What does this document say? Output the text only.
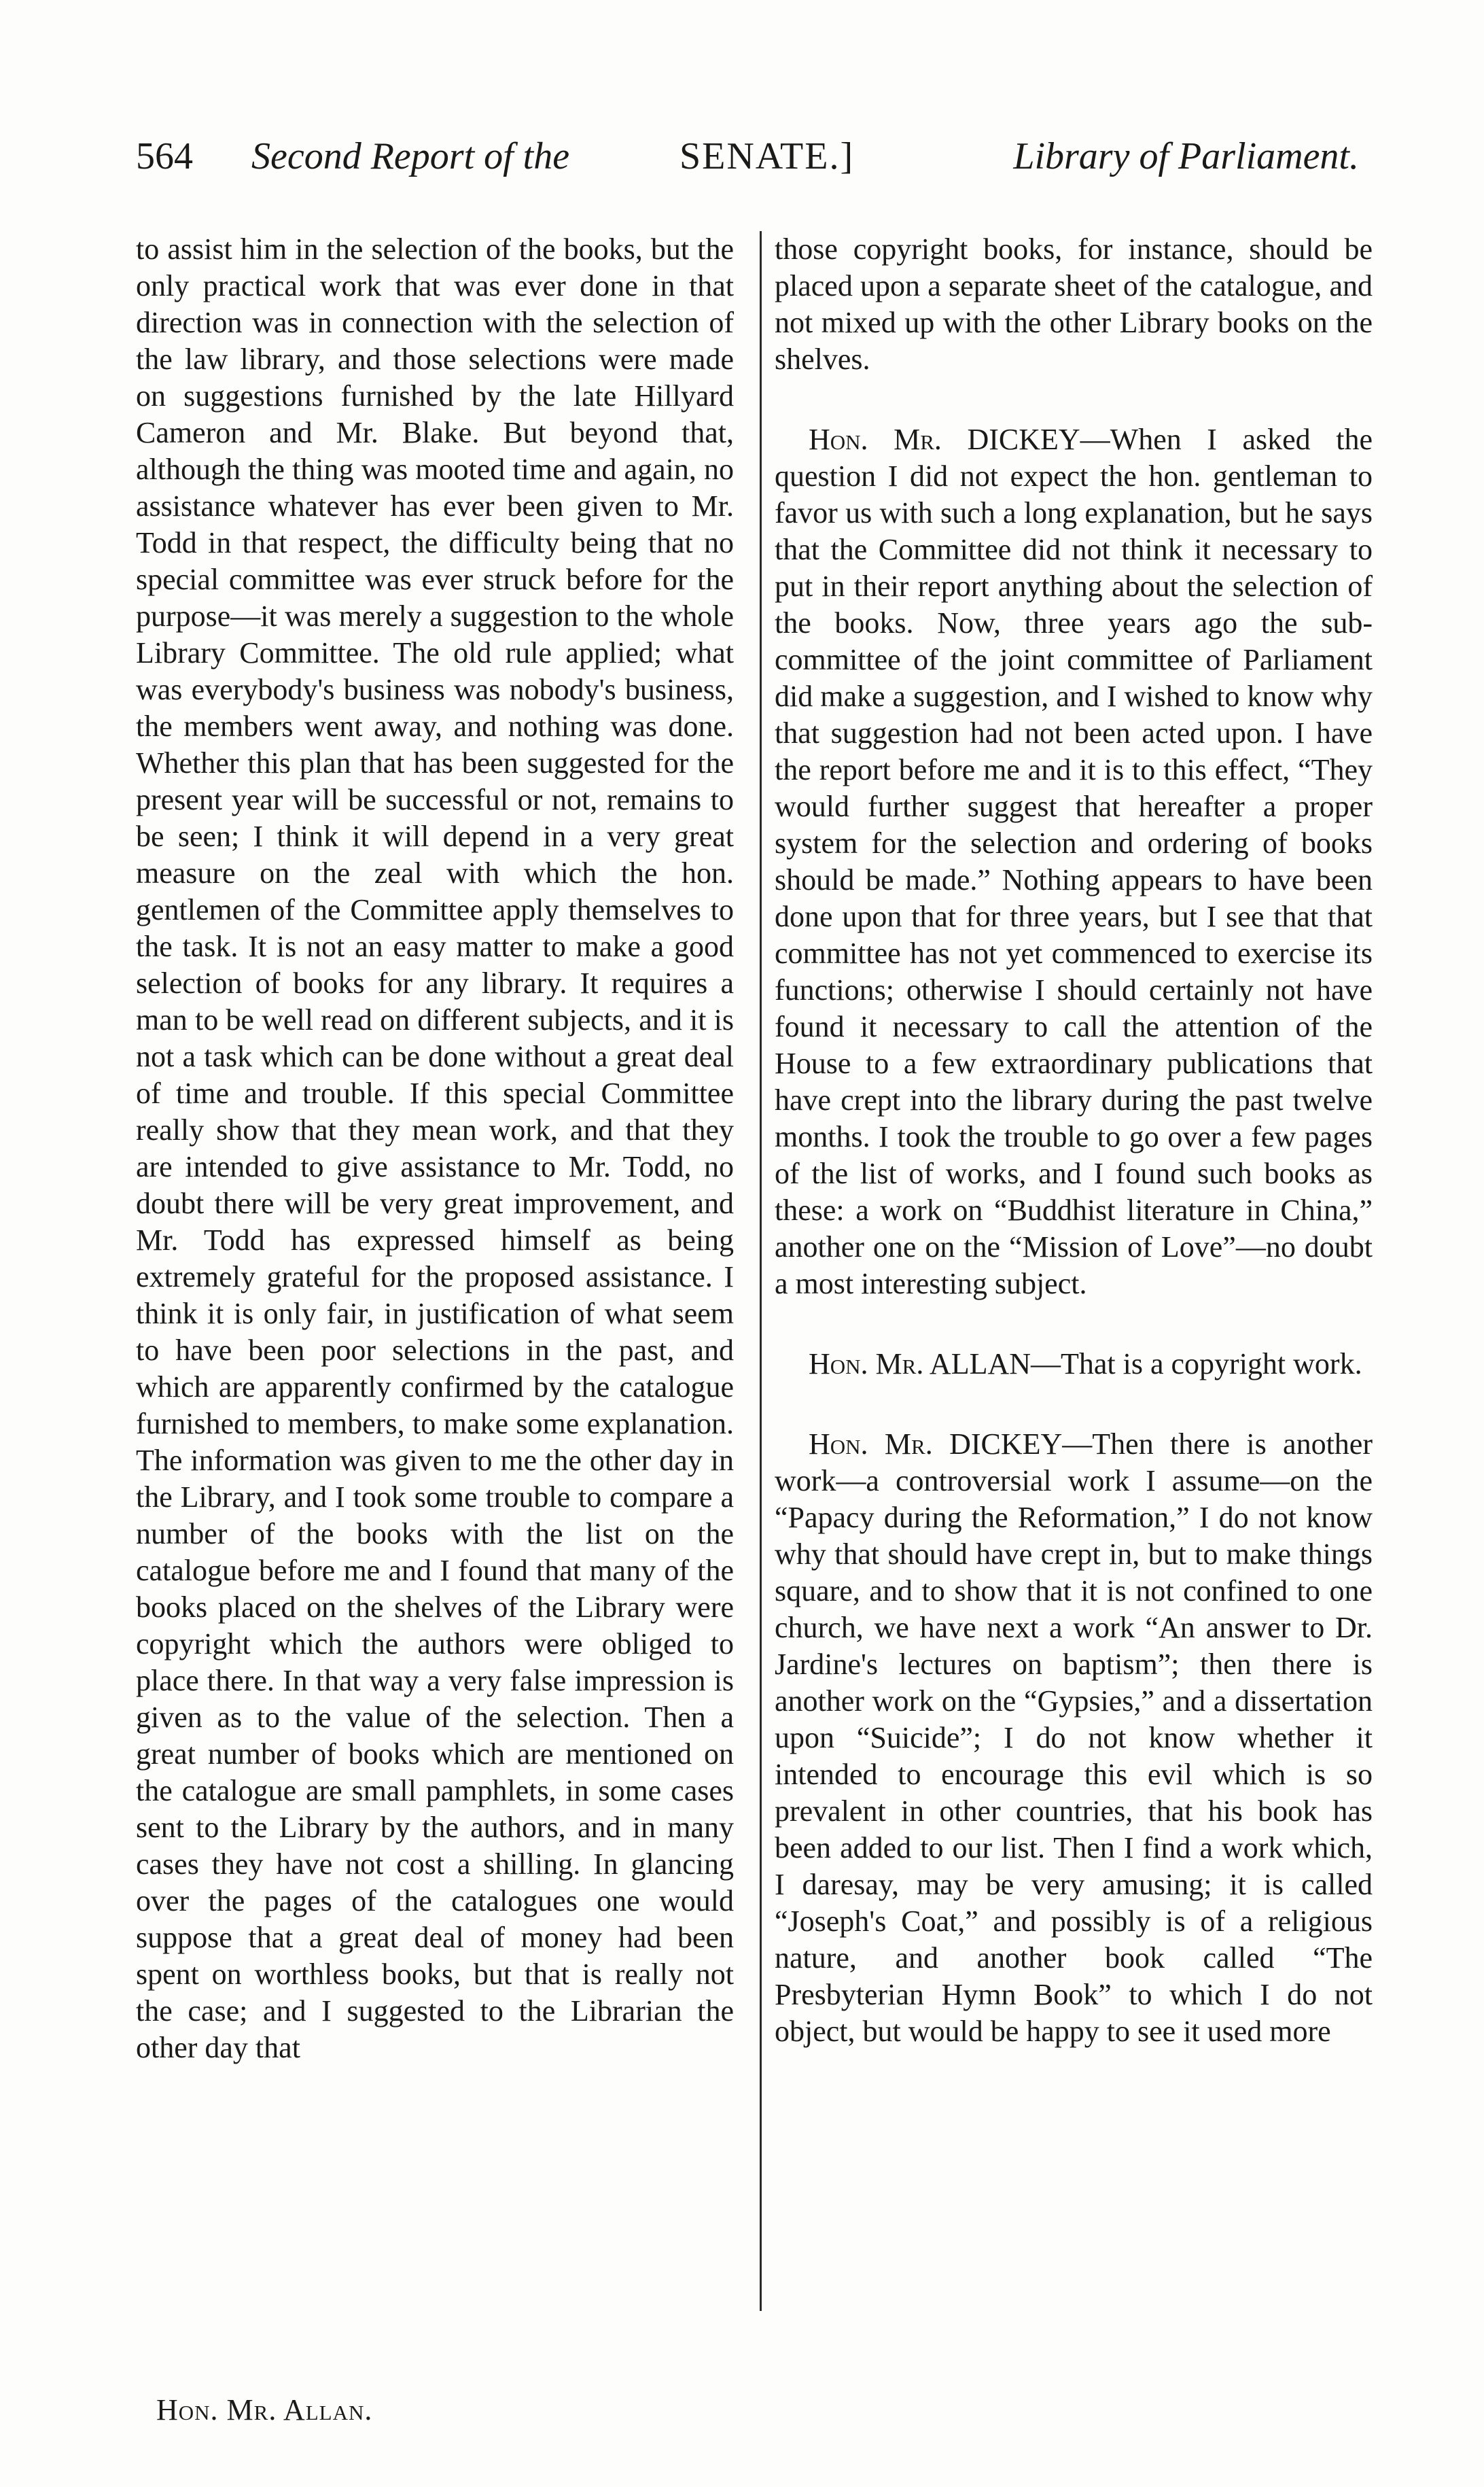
564 Second Report of the	SENATE.]	Library of Parliament.

to assist him in the selection of the books, but the only practical work that was ever done in that direction was in connection with the selection of the law library, and those selections were made on suggestions furnished by the late Hillyard Cameron and Mr. Blake. But beyond that, although the thing was mooted time and again, no assistance whatever has ever been given to Mr. Todd in that respect, the difficulty being that no special committee was ever struck before for the purpose—it was merely a suggestion to the whole Library Committee. The old rule applied; what was everybody's business was nobody's business, the members went away, and nothing was done. Whether this plan that has been suggested for the present year will be successful or not, remains to be seen; I think it will depend in a very great measure on the zeal with which the hon. gentlemen of the Committee apply themselves to the task. It is not an easy matter to make a good selection of books for any library. It requires a man to be well read on different subjects, and it is not a task which can be done without a great deal of time and trouble. If this special Committee really show that they mean work, and that they are intended to give assistance to Mr. Todd, no doubt there will be very great improvement, and Mr. Todd has expressed himself as being extremely grateful for the proposed assistance. I think it is only fair, in justification of what seem to have been poor selections in the past, and which are apparently confirmed by the catalogue furnished to members, to make some explanation. The information was given to me the other day in the Library, and I took some trouble to compare a number of the books with the list on the catalogue before me and I found that many of the books placed on the shelves of the Library were copyright which the authors were obliged to place there. In that way a very false impression is given as to the value of the selection. Then a great number of books which are mentioned on the catalogue are small pamphlets, in some cases sent to the Library by the authors, and in many cases they have not cost a shilling. In glancing over the pages of the catalogues one would suppose that a great deal of money had been spent on worthless books, but that is really not the case; and I suggested to the Librarian the other day that

those copyright books, for instance, should be placed upon a separate sheet of the catalogue, and not mixed up with the other Library books on the shelves.

Hon. Mr. DICKEY—When I asked the question I did not expect the hon. gentleman to favor us with such a long explanation, but he says that the Committee did not think it necessary to put in their report anything about the selection of the books. Now, three years ago the sub-committee of the joint committee of Parliament did make a suggestion, and I wished to know why that suggestion had not been acted upon. I have the report before me and it is to this effect, “They would further suggest that hereafter a proper system for the selection and ordering of books should be made.” Nothing appears to have been done upon that for three years, but I see that that committee has not yet commenced to exercise its functions; otherwise I should certainly not have found it necessary to call the attention of the House to a few extraordinary publications that have crept into the library during the past twelve months. I took the trouble to go over a few pages of the list of works, and I found such books as these: a work on “Buddhist literature in China,” another one on the “Mission of Love”—no doubt a most interesting subject.

Hon. Mr. ALLAN—That is a copyright work.

Hon. Mr. DICKEY—Then there is another work—a controversial work I assume—on the “Papacy during the Reformation,” I do not know why that should have crept in, but to make things square, and to show that it is not confined to one church, we have next a work “An answer to Dr. Jardine's lectures on baptism”; then there is another work on the “Gypsies,” and a dissertation upon “Suicide”; I do not know whether it intended to encourage this evil which is so prevalent in other countries, that his book has been added to our list. Then I find a work which, I daresay, may be very amusing; it is called “Joseph's Coat,” and possibly is of a religious nature, and another book called “The Presbyterian Hymn Book” to which I do not object, but would be happy to see it used more

Hon. Mr. Allan.
